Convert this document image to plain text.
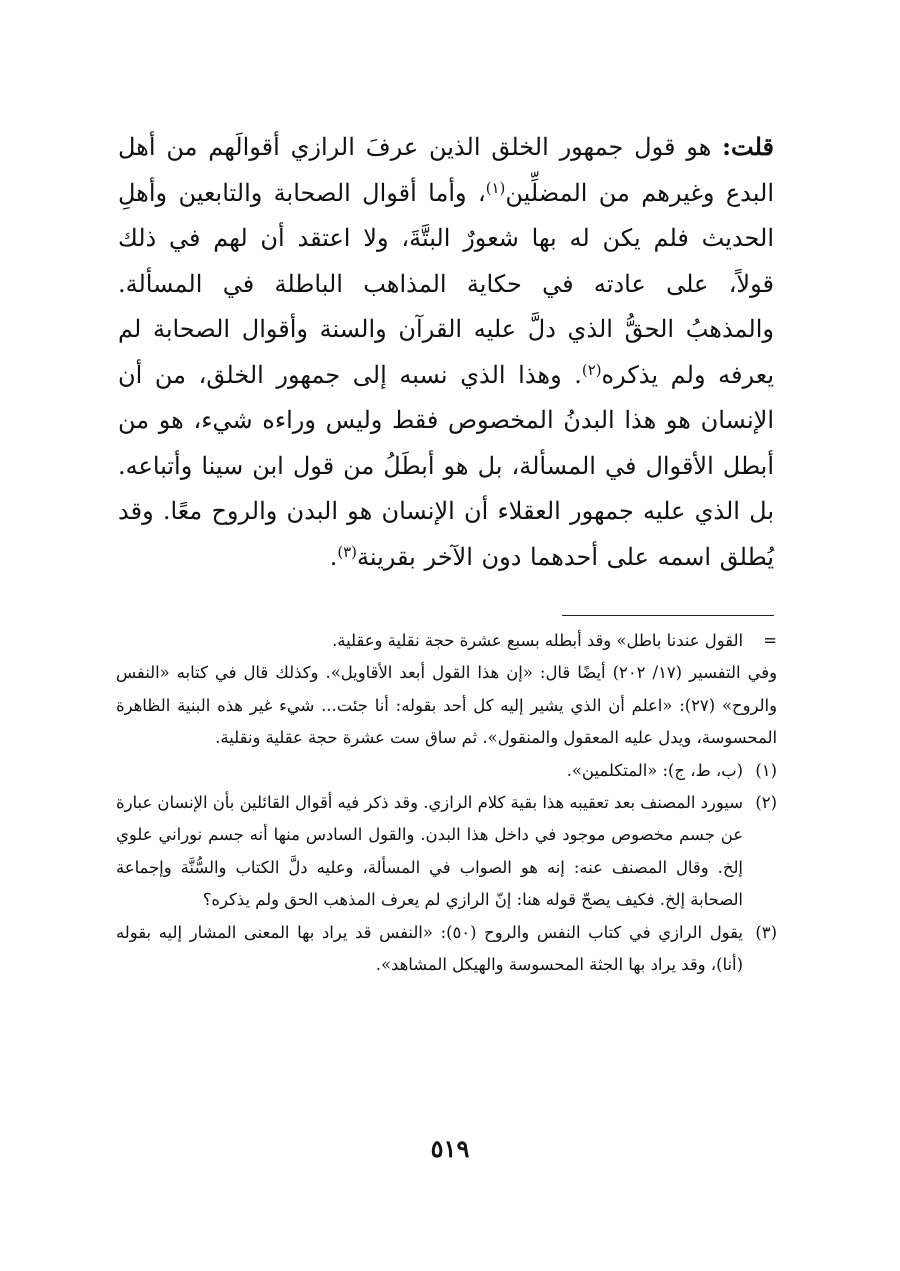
قلت: هو قول جمهور الخلق الذين عرفَ الرازي أقوالَهم من أهل البدع وغيرهم من المضلِّين$^{(١)}$، وأما أقوال الصحابة والتابعين وأهلِ الحديث فلم يكن له بها شعورٌ البتَّةَ، ولا اعتقد أن لهم في ذلك قولاً، على عادته في حكاية المذاهب الباطلة في المسألة. والمذهبُ الحقُّ الذي دلَّ عليه القرآن والسنة وأقوال الصحابة لم يعرفه ولم يذكره$^{(٢)}$. وهذا الذي نسبه إلى جمهور الخلق، من أن الإنسان هو هذا البدنُ المخصوص فقط وليس وراءه شيء، هو من أبطل الأقوال في المسألة، بل هو أبطَلُ من قول ابن سينا وأتباعه. بل الذي عليه جمهور العقلاء أن الإنسان هو البدن والروح معًا. وقد يُطلق اسمه على أحدهما دون الآخر بقرينة$^{(٣)}$.

=

القول عندنا باطل» وقد أبطله بسبع عشرة حجة نقلية وعقلية.

وفي التفسير (١٧/ ٢٠٢) أيضًا قال: «إن هذا القول أبعد الأقاويل». وكذلك قال في كتابه «النفس والروح» (٢٧): «اعلم أن الذي يشير إليه كل أحد بقوله: أنا جئت... شيء غير هذه البنية الظاهرة المحسوسة، ويدل عليه المعقول والمنقول». ثم ساق ست عشرة حجة عقلية ونقلية.

(١)

(ب، ط، ج): «المتكلمين».

(٢)

سيورد المصنف بعد تعقيبه هذا بقية كلام الرازي. وقد ذكر فيه أقوال القائلين بأن الإنسان عبارة عن جسم مخصوص موجود في داخل هذا البدن. والقول السادس منها أنه جسم نوراني علوي إلخ. وقال المصنف عنه: إنه هو الصواب في المسألة، وعليه دلَّ الكتاب والسُّنَّة وإجماعة الصحابة إلخ. فكيف يصحّ قوله هنا: إنّ الرازي لم يعرف المذهب الحق ولم يذكره؟

(٣)

يقول الرازي في كتاب النفس والروح (٥٠): «النفس قد يراد بها المعنى المشار إليه بقوله (أنا)، وقد يراد بها الجثة المحسوسة والهيكل المشاهد».

٥١٩
